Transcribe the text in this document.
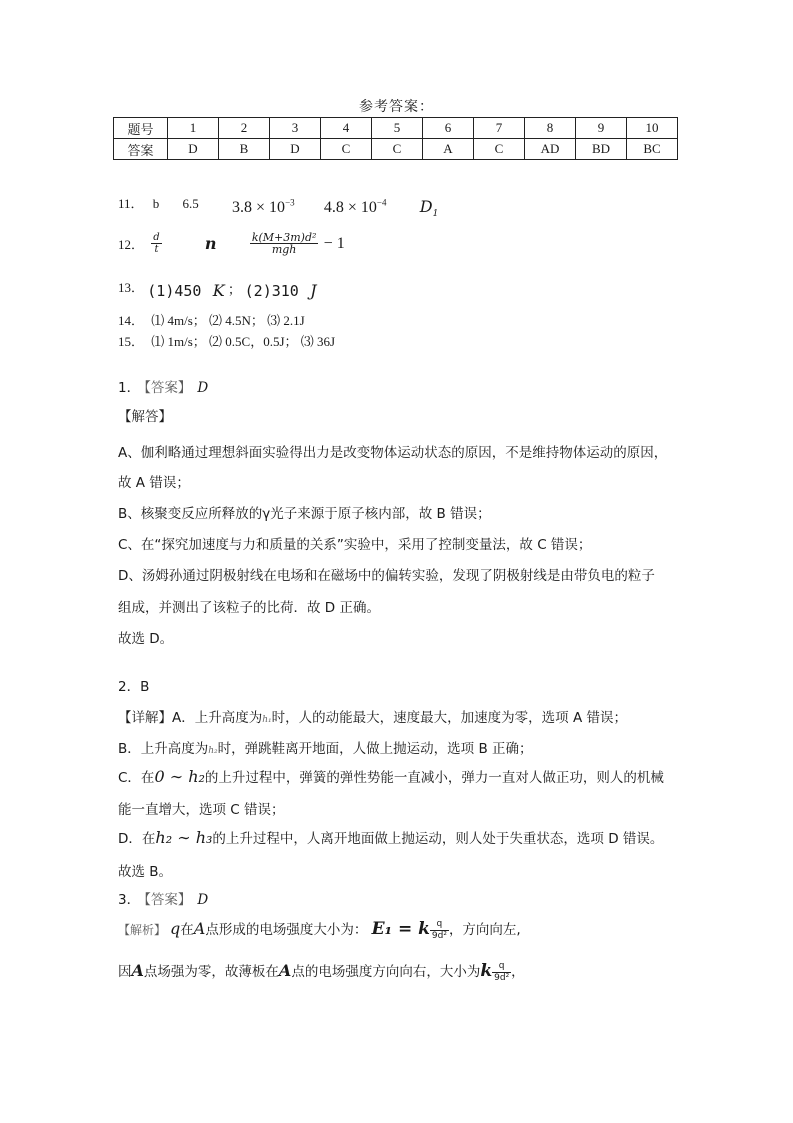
参考答案：
题号	1	2	3	4	5	6	7	8	9	10
答案	D	B	D	C	C	A	C	AD	BD	BC
11． b 6.5 $3.8 \times 10^{-3}$ $4.8 \times 10^{-4}$ $D_1$
12． $\frac{d}{t}$	n	$\frac{\text{k(M+3m)d²}}{\text{mgh}} - 1$
13． (1)450 K ； (2)310 J
14． ⑴ 4m/s； ⑵ 4.5N； ⑶ 2.1J
15． ⑴ 1m/s； ⑵ 0.5C，0.5J； ⑶ 36J
1． 【答案】 D
【解答】
A、伽利略通过理想斜面实验得出力是改变物体运动状态的原因，不是维持物体运动的原因，
故 A 错误；
B、核聚变反应所释放的γ光子来源于原子核内部，故 B 错误；
C、在“探究加速度与力和质量的关系”实验中，采用了控制变量法，故 C 错误；
D、汤姆孙通过阴极射线在电场和在磁场中的偏转实验，发现了阴极射线是由带负电的粒子
组成，并测出了该粒子的比荷．故 D 正确。
故选 D。
2．B
【详解】A．上升高度为h₁时，人的动能最大，速度最大，加速度为零，选项 A 错误；
B．上升高度为h₂时，弹跳鞋离开地面，人做上抛运动，选项 B 正确；
C．在0 ∼ h₂的上升过程中，弹簧的弹性势能一直减小，弹力一直对人做正功，则人的机械
能一直增大，选项 C 错误；
D．在h₂ ∼ h₃的上升过程中，人离开地面做上抛运动，则人处于失重状态，选项 D 错误。
故选 B。
3． 【答案】 D
【解析】 q在A点形成的电场强度大小为： E₁ = k $\frac{q}{\text{9d²}}$ ，方向向左,
因A点场强为零，故薄板在A点的电场强度方向向右，大小为k $\frac{q}{\text{9d²}}$ ，
